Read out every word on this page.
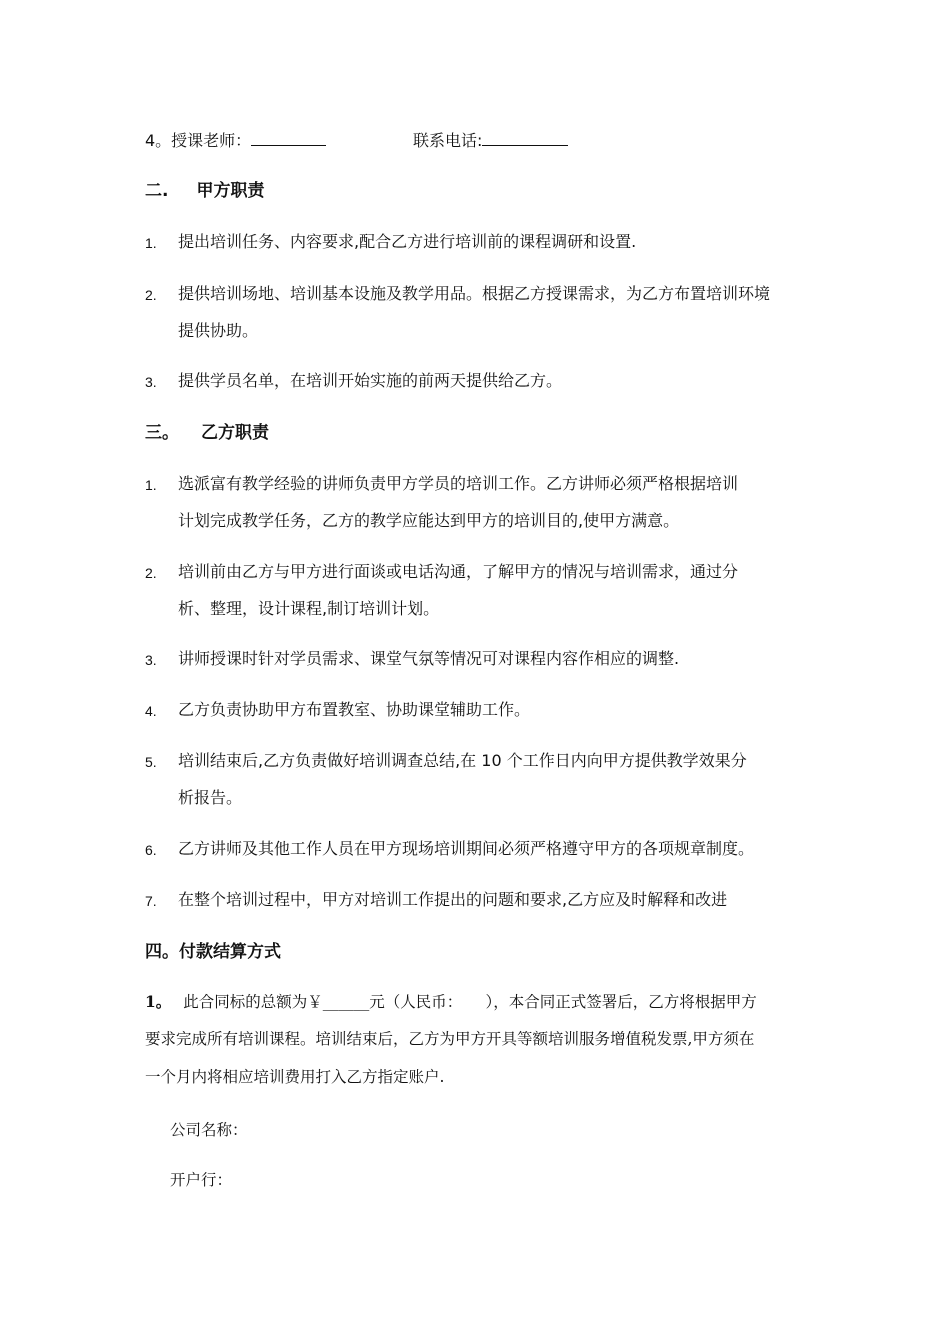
4。授课老师：	联系电话:
二. 甲方职责
1. 提出培训任务、内容要求,配合乙方进行培训前的课程调研和设置.
2. 提供培训场地、培训基本设施及教学用品。根据乙方授课需求，为乙方布置培训环境
提供协助。
3. 提供学员名单，在培训开始实施的前两天提供给乙方。
三。 乙方职责
1. 选派富有教学经验的讲师负责甲方学员的培训工作。乙方讲师必须严格根据培训
计划完成教学任务，乙方的教学应能达到甲方的培训目的,使甲方满意。
2. 培训前由乙方与甲方进行面谈或电话沟通，了解甲方的情况与培训需求，通过分
析、整理，设计课程,制订培训计划。
3. 讲师授课时针对学员需求、课堂气氛等情况可对课程内容作相应的调整.
4. 乙方负责协助甲方布置教室、协助课堂辅助工作。
5. 培训结束后,乙方负责做好培训调查总结,在 10 个工作日内向甲方提供教学效果分
析报告。
6. 乙方讲师及其他工作人员在甲方现场培训期间必须严格遵守甲方的各项规章制度。
7. 在整个培训过程中，甲方对培训工作提出的问题和要求,乙方应及时解释和改进
四。付款结算方式
1。 此合同标的总额为￥______元（人民币：　　），本合同正式签署后，乙方将根据甲方
要求完成所有培训课程。培训结束后，乙方为甲方开具等额培训服务增值税发票,甲方须在
一个月内将相应培训费用打入乙方指定账户.
公司名称：
开户行：
